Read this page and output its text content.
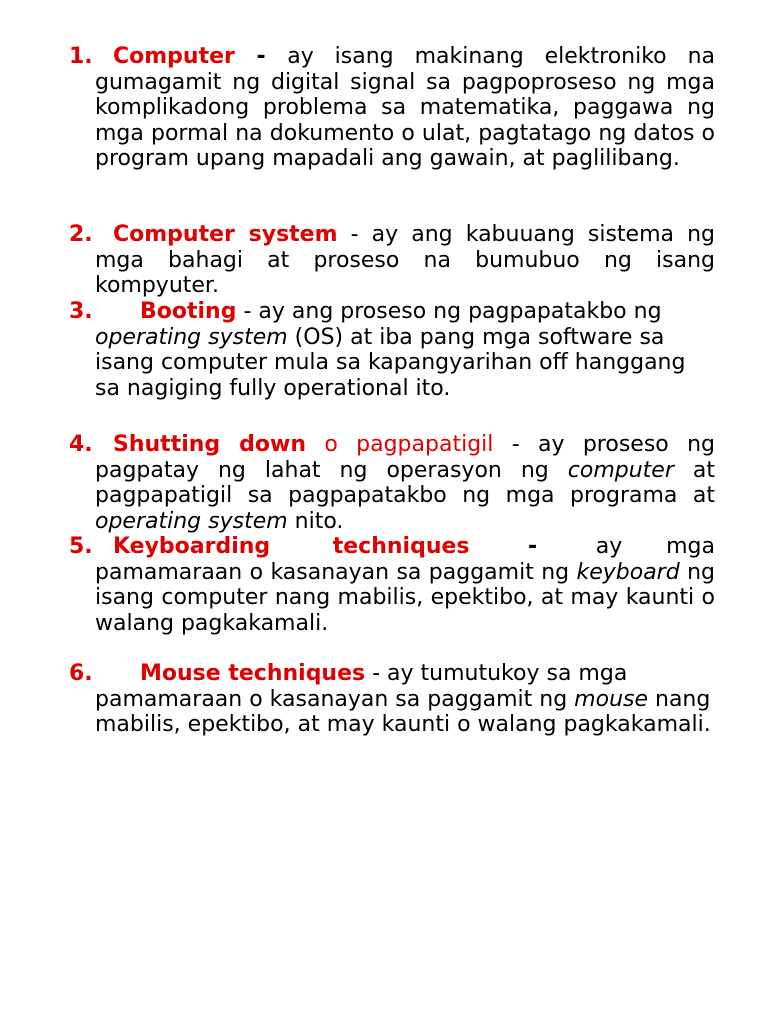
1. Computer - ay isang makinang elektroniko na gumagamit ng digital signal sa pagpoproseso ng mga komplikadong problema sa matematika, paggawa ng mga pormal na dokumento o ulat, pagtatago ng datos o program upang mapadali ang gawain, at paglilibang.
2. Computer system - ay ang kabuuang sistema ng mga bahagi at proseso na bumubuo ng isang kompyuter.
3.	Booting - ay ang proseso ng pagpapatakbo ng operating system (OS) at iba pang mga software sa isang computer mula sa kapangyarihan off hanggang sa nagiging fully operational ito.
4. Shutting down o pagpapatigil - ay proseso ng pagpatay ng lahat ng operasyon ng computer at pagpapatigil sa pagpapatakbo ng mga programa at operating system nito.
5. Keyboarding techniques - ay mga pamamaraan o kasanayan sa paggamit ng keyboard ng isang computer nang mabilis, epektibo, at may kaunti o walang pagkakamali.
6.	Mouse techniques - ay tumutukoy sa mga pamamaraan o kasanayan sa paggamit ng mouse nang mabilis, epektibo, at may kaunti o walang pagkakamali.
